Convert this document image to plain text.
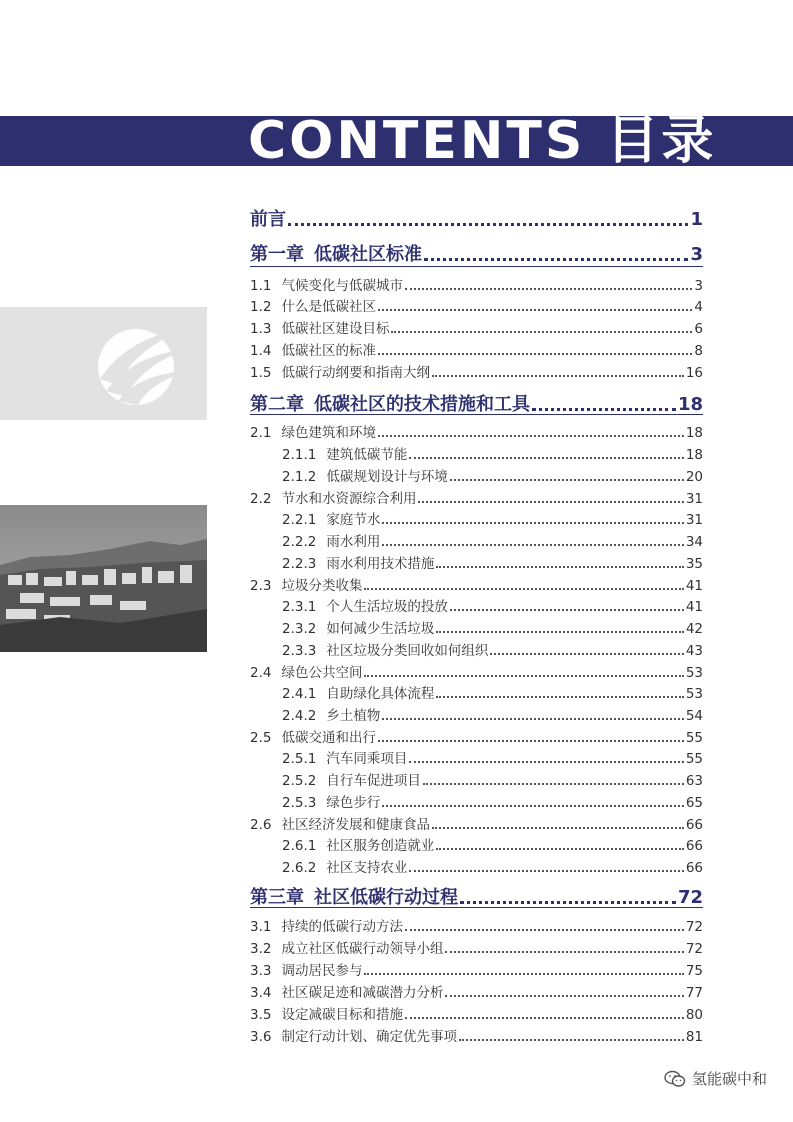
CONTENTS 目录
前言	1
第一章 低碳社区标准	3
1.1 气候变化与低碳城市	3
1.2 什么是低碳社区	4
1.3 低碳社区建设目标	6
1.4 低碳社区的标准	8
1.5 低碳行动纲要和指南大纲	16
第二章 低碳社区的技术措施和工具	18
2.1 绿色建筑和环境	18
2.1.1 建筑低碳节能	18
2.1.2 低碳规划设计与环境	20
2.2 节水和水资源综合利用	31
2.2.1 家庭节水	31
2.2.2 雨水利用	34
2.2.3 雨水利用技术措施	35
2.3 垃圾分类收集	41
2.3.1 个人生活垃圾的投放	41
2.3.2 如何减少生活垃圾	42
2.3.3 社区垃圾分类回收如何组织	43
2.4 绿色公共空间	53
2.4.1 自助绿化具体流程	53
2.4.2 乡土植物	54
2.5 低碳交通和出行	55
2.5.1 汽车同乘项目	55
2.5.2 自行车促进项目	63
2.5.3 绿色步行	65
2.6 社区经济发展和健康食品	66
2.6.1 社区服务创造就业	66
2.6.2 社区支持农业	66
第三章 社区低碳行动过程	72
3.1 持续的低碳行动方法	72
3.2 成立社区低碳行动领导小组	72
3.3 调动居民参与	75
3.4 社区碳足迹和减碳潜力分析	77
3.5 设定减碳目标和措施	80
3.6 制定行动计划、确定优先事项	81
氢能碳中和
